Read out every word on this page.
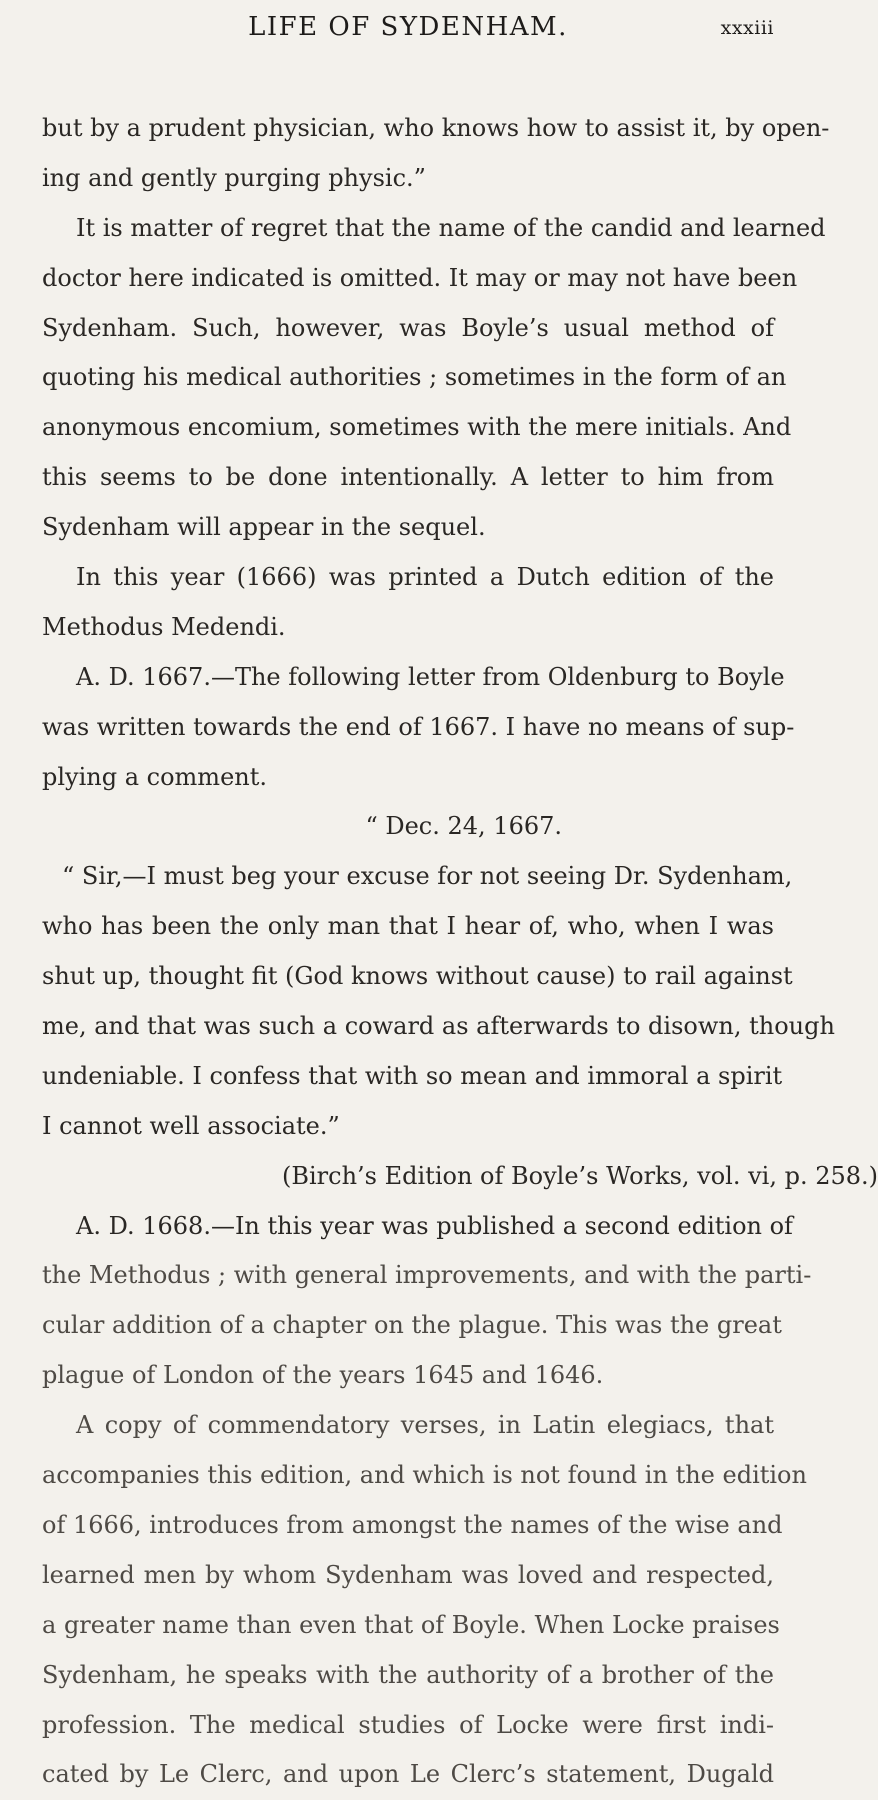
LIFE OF SYDENHAM.	xxxiii
but by a prudent physician, who knows how to assist it, by open-
ing and gently purging physic.”
It is matter of regret that the name of the candid and learned
doctor here indicated is omitted. It may or may not have been
Sydenham. Such, however, was Boyle’s usual method of
quoting his medical authorities ; sometimes in the form of an
anonymous encomium, sometimes with the mere initials. And
this seems to be done intentionally. A letter to him from
Sydenham will appear in the sequel.
In this year (1666) was printed a Dutch edition of the
Methodus Medendi.
A. D. 1667.—The following letter from Oldenburg to Boyle
was written towards the end of 1667. I have no means of sup-
plying a comment.
“ Dec. 24, 1667.
“ Sir,—I must beg your excuse for not seeing Dr. Sydenham,
who has been the only man that I hear of, who, when I was
shut up, thought fit (God knows without cause) to rail against
me, and that was such a coward as afterwards to disown, though
undeniable. I confess that with so mean and immoral a spirit
I cannot well associate.”
(Birch’s Edition of Boyle’s Works, vol. vi, p. 258.)
A. D. 1668.—In this year was published a second edition of
the Methodus ; with general improvements, and with the parti-
cular addition of a chapter on the plague. This was the great
plague of London of the years 1645 and 1646.
A copy of commendatory verses, in Latin elegiacs, that
accompanies this edition, and which is not found in the edition
of 1666, introduces from amongst the names of the wise and
learned men by whom Sydenham was loved and respected,
a greater name than even that of Boyle. When Locke praises
Sydenham, he speaks with the authority of a brother of the
profession. The medical studies of Locke were first indi-
cated by Le Clerc, and upon Le Clerc’s statement, Dugald
